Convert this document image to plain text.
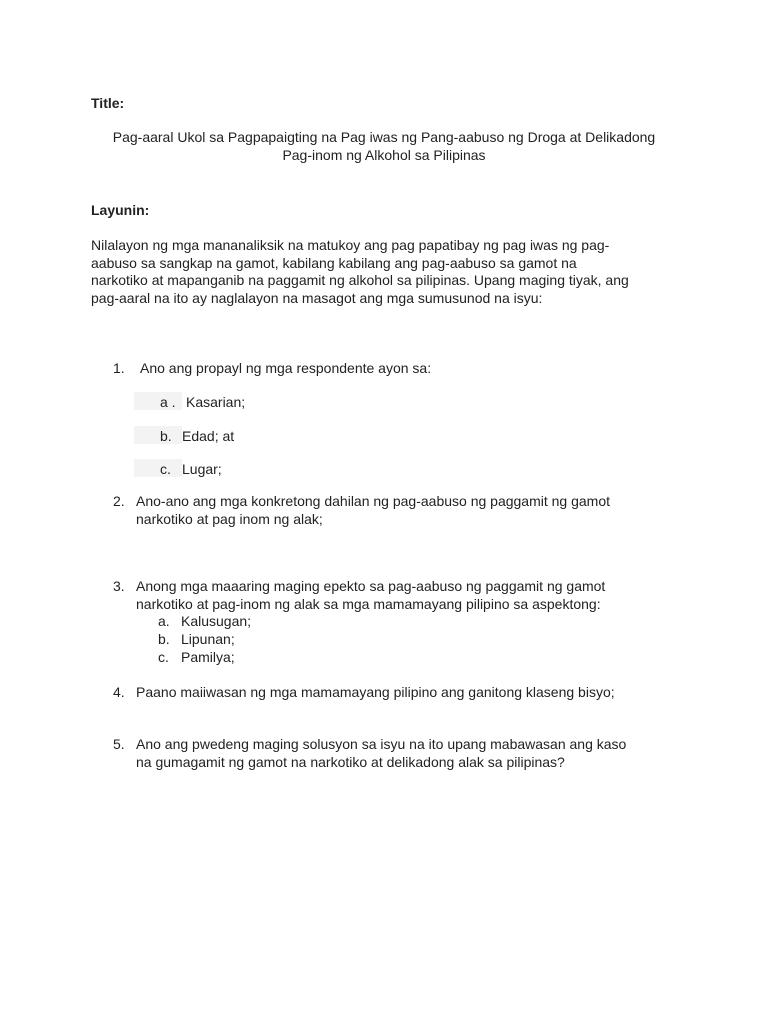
Title:
Pag-aaral Ukol sa Pagpapaigting na Pag iwas ng Pang-aabuso ng Droga at Delikadong
Pag-inom ng Alkohol sa Pilipinas
Layunin:
Nilalayon ng mga mananaliksik na matukoy ang pag papatibay ng pag iwas ng pag-
aabuso sa sangkap na gamot, kabilang kabilang ang pag-aabuso sa gamot na
narkotiko at mapanganib na paggamit ng alkohol sa pilipinas. Upang maging tiyak, ang
pag-aaral na ito ay naglalayon na masagot ang mga sumusunod na isyu:
1. Ano ang propayl ng mga respondente ayon sa:
a . Kasarian;
b. Edad; at
c. Lugar;
2. Ano-ano ang mga konkretong dahilan ng pag-aabuso ng paggamit ng gamot
narkotiko at pag inom ng alak;
3. Anong mga maaaring maging epekto sa pag-aabuso ng paggamit ng gamot
narkotiko at pag-inom ng alak sa mga mamamayang pilipino sa aspektong:
a. Kalusugan;
b. Lipunan;
c. Pamilya;
4. Paano maiiwasan ng mga mamamayang pilipino ang ganitong klaseng bisyo;
5. Ano ang pwedeng maging solusyon sa isyu na ito upang mabawasan ang kaso
na gumagamit ng gamot na narkotiko at delikadong alak sa pilipinas?
